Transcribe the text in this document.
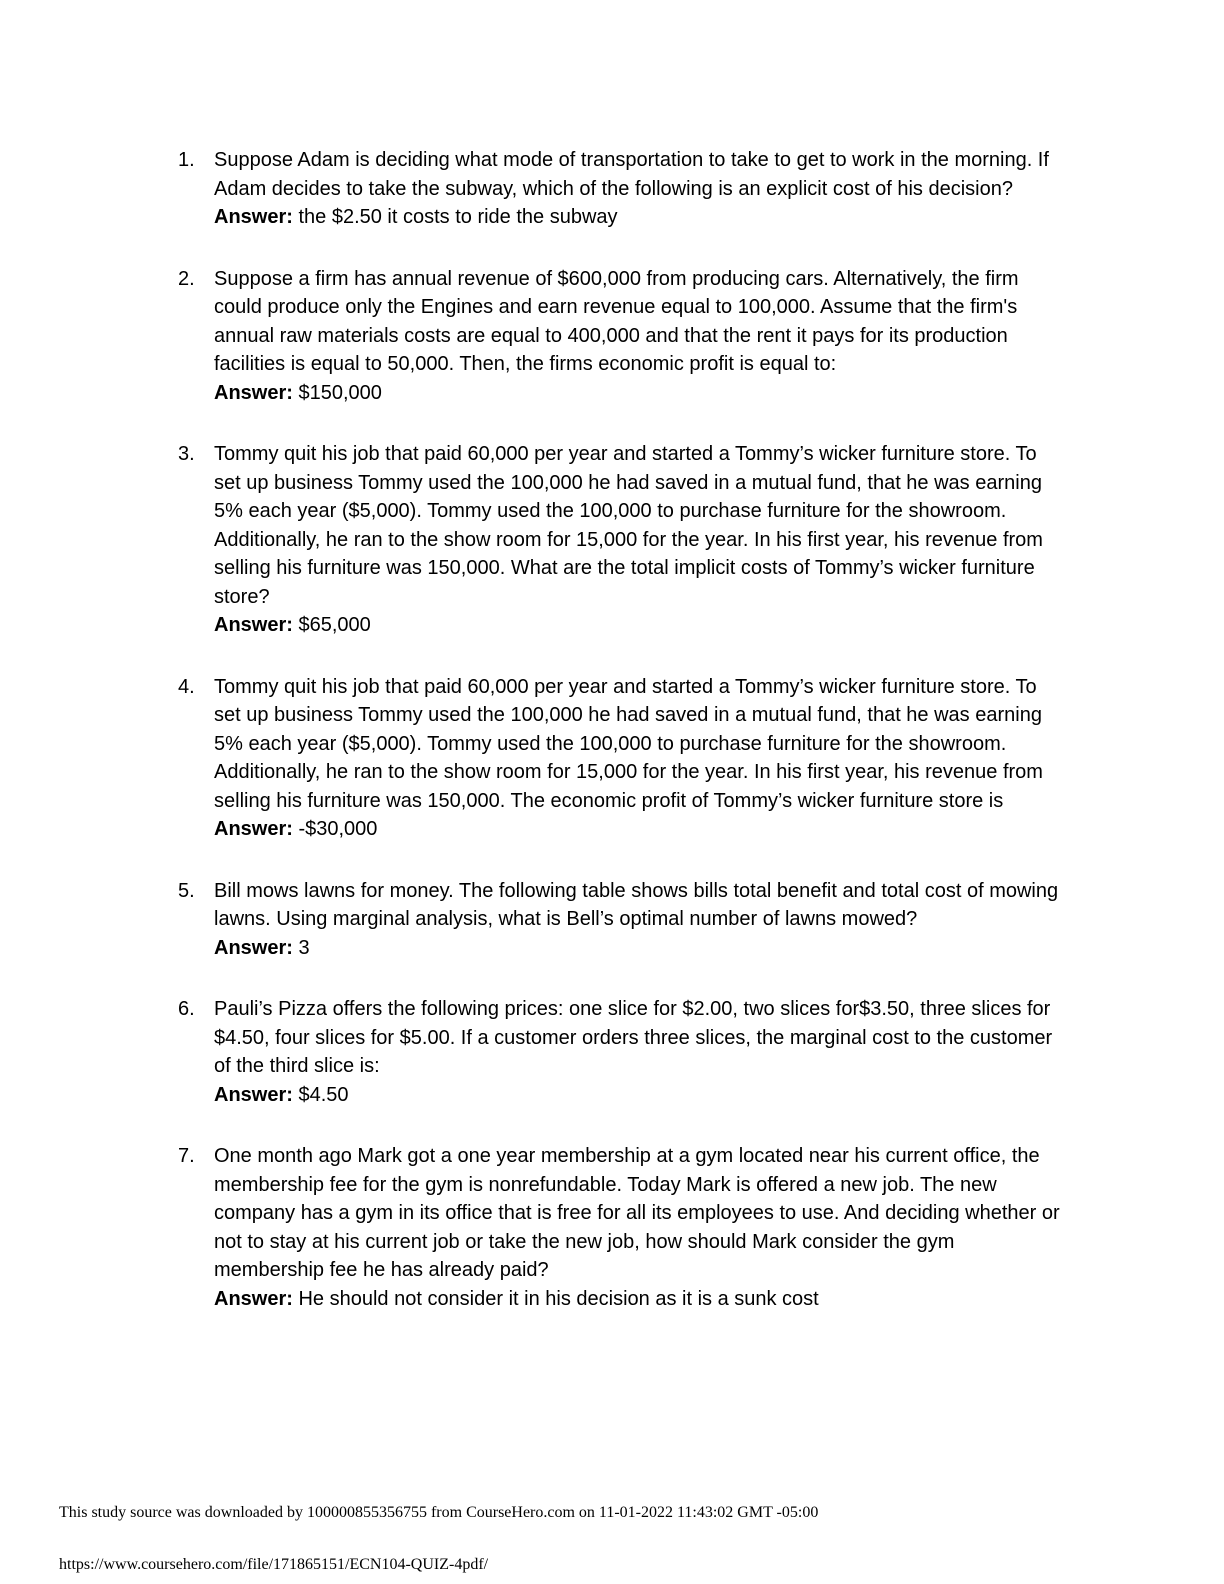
1. Suppose Adam is deciding what mode of transportation to take to get to work in the morning. If Adam decides to take the subway, which of the following is an explicit cost of his decision?
Answer: the $2.50 it costs to ride the subway
2. Suppose a firm has annual revenue of $600,000 from producing cars. Alternatively, the firm could produce only the Engines and earn revenue equal to 100,000. Assume that the firm's annual raw materials costs are equal to 400,000 and that the rent it pays for its production facilities is equal to 50,000. Then, the firms economic profit is equal to:
Answer: $150,000
3. Tommy quit his job that paid 60,000 per year and started a Tommy’s wicker furniture store. To set up business Tommy used the 100,000 he had saved in a mutual fund, that he was earning 5% each year ($5,000). Tommy used the 100,000 to purchase furniture for the showroom. Additionally, he ran to the show room for 15,000 for the year. In his first year, his revenue from selling his furniture was 150,000. What are the total implicit costs of Tommy’s wicker furniture store?
Answer: $65,000
4. Tommy quit his job that paid 60,000 per year and started a Tommy’s wicker furniture store. To set up business Tommy used the 100,000 he had saved in a mutual fund, that he was earning 5% each year ($5,000). Tommy used the 100,000 to purchase furniture for the showroom. Additionally, he ran to the show room for 15,000 for the year. In his first year, his revenue from selling his furniture was 150,000. The economic profit of Tommy’s wicker furniture store is
Answer: -$30,000
5. Bill mows lawns for money. The following table shows bills total benefit and total cost of mowing lawns. Using marginal analysis, what is Bell’s optimal number of lawns mowed?
Answer: 3
6. Pauli’s Pizza offers the following prices: one slice for $2.00, two slices for$3.50, three slices for $4.50, four slices for $5.00. If a customer orders three slices, the marginal cost to the customer of the third slice is:
Answer: $4.50
7. One month ago Mark got a one year membership at a gym located near his current office, the membership fee for the gym is nonrefundable. Today Mark is offered a new job. The new company has a gym in its office that is free for all its employees to use. And deciding whether or not to stay at his current job or take the new job, how should Mark consider the gym membership fee he has already paid?
Answer: He should not consider it in his decision as it is a sunk cost
This study source was downloaded by 100000855356755 from CourseHero.com on 11-01-2022 11:43:02 GMT -05:00
https://www.coursehero.com/file/171865151/ECN104-QUIZ-4pdf/
